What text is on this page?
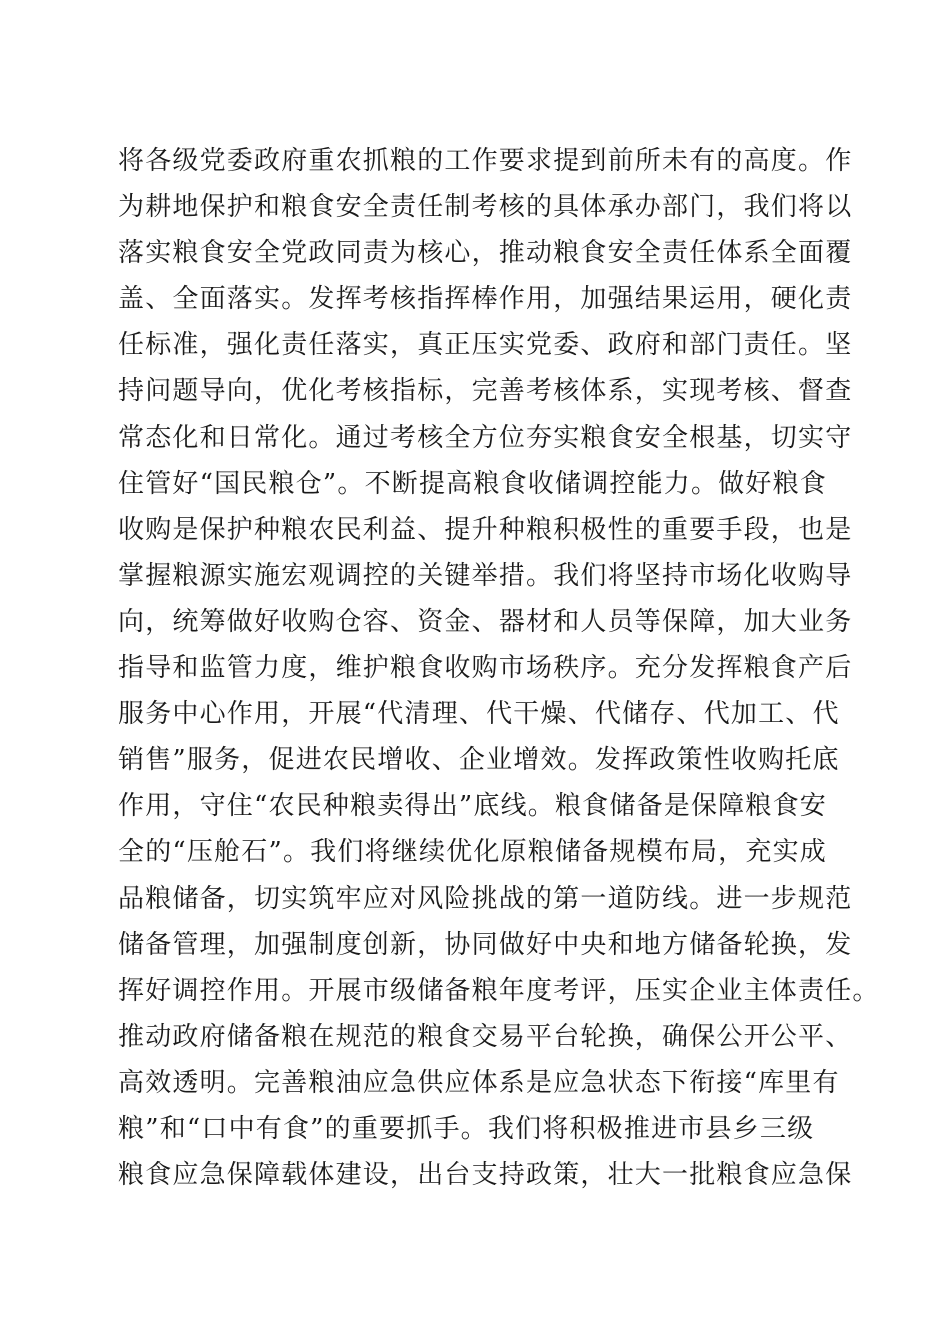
将各级党委政府重农抓粮的工作要求提到前所未有的高度。作
为耕地保护和粮食安全责任制考核的具体承办部门，我们将以
落实粮食安全党政同责为核心，推动粮食安全责任体系全面覆
盖、全面落实。发挥考核指挥棒作用，加强结果运用，硬化责
任标准，强化责任落实，真正压实党委、政府和部门责任。坚
持问题导向，优化考核指标，完善考核体系，实现考核、督查
常态化和日常化。通过考核全方位夯实粮食安全根基，切实守
住管好“国民粮仓”。不断提高粮食收储调控能力。做好粮食
收购是保护种粮农民利益、提升种粮积极性的重要手段，也是
掌握粮源实施宏观调控的关键举措。我们将坚持市场化收购导
向，统筹做好收购仓容、资金、器材和人员等保障，加大业务
指导和监管力度，维护粮食收购市场秩序。充分发挥粮食产后
服务中心作用，开展“代清理、代干燥、代储存、代加工、代
销售”服务，促进农民增收、企业增效。发挥政策性收购托底
作用，守住“农民种粮卖得出”底线。粮食储备是保障粮食安
全的“压舱石”。我们将继续优化原粮储备规模布局，充实成
品粮储备，切实筑牢应对风险挑战的第一道防线。进一步规范
储备管理，加强制度创新，协同做好中央和地方储备轮换，发
挥好调控作用。开展市级储备粮年度考评，压实企业主体责任。
推动政府储备粮在规范的粮食交易平台轮换，确保公开公平、
高效透明。完善粮油应急供应体系是应急状态下衔接“库里有
粮”和“口中有食”的重要抓手。我们将积极推进市县乡三级
粮食应急保障载体建设，出台支持政策，壮大一批粮食应急保
